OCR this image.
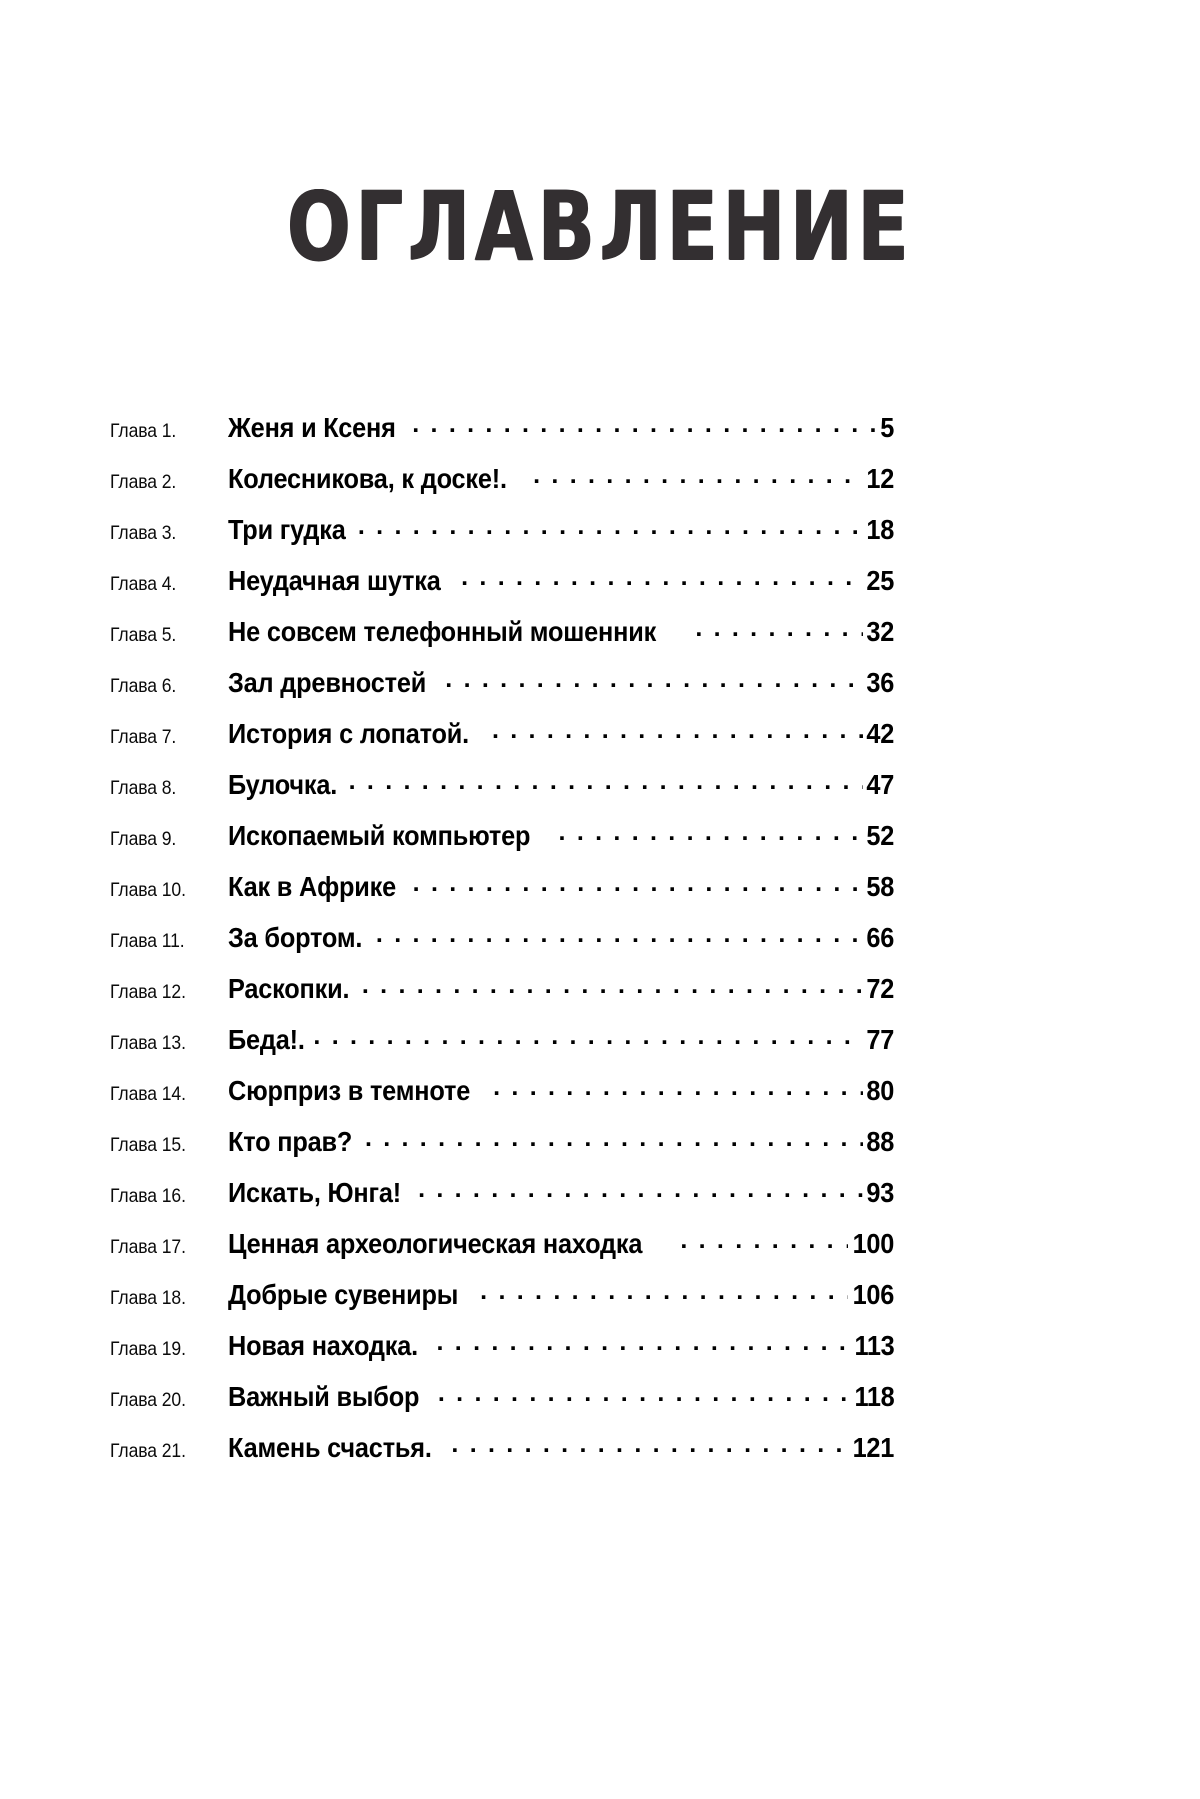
ОГЛАВЛЕНИЕ
Глава 1.	Женя и Ксеня . . .	5
Глава 2.	Колесникова, к доске!. . . .	12
Глава 3.	Три гудка . . .	18
Глава 4.	Неудачная шутка . . .	25
Глава 5.	Не совсем телефонный мошенник . . .	32
Глава 6.	Зал древностей . . .	36
Глава 7.	История с лопатой. . . .	42
Глава 8.	Булочка. . . .	47
Глава 9.	Ископаемый компьютер . . .	52
Глава 10.	Как в Африке . . .	58
Глава 11.	За бортом. . . .	66
Глава 12.	Раскопки. . . .	72
Глава 13.	Беда!. . . .	77
Глава 14.	Сюрприз в темноте . . .	80
Глава 15.	Кто прав? . . .	88
Глава 16.	Искать, Юнга! . . .	93
Глава 17.	Ценная археологическая находка . . .	100
Глава 18.	Добрые сувениры . . .	106
Глава 19.	Новая находка. . . .	113
Глава 20.	Важный выбор . . .	118
Глава 21.	Камень счастья. . . .	121
